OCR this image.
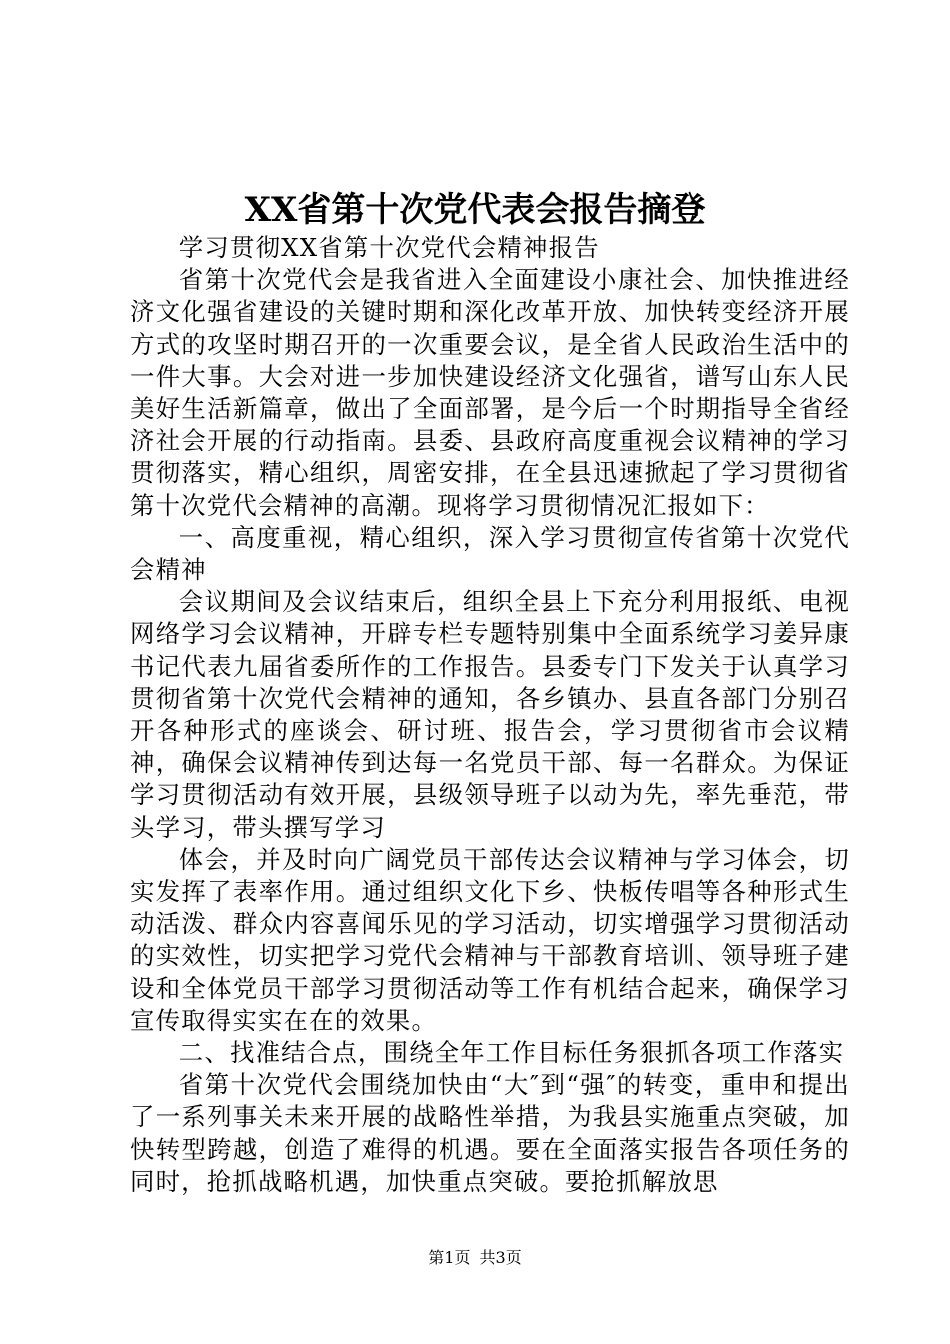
XX省第十次党代表会报告摘登

学习贯彻XX省第十次党代会精神报告

省第十次党代会是我省进入全面建设小康社会、加快推进经济文化强省建设的关键时期和深化改革开放、加快转变经济开展方式的攻坚时期召开的一次重要会议，是全省人民政治生活中的一件大事。大会对进一步加快建设经济文化强省，谱写山东人民美好生活新篇章，做出了全面部署，是今后一个时期指导全省经济社会开展的行动指南。县委、县政府高度重视会议精神的学习贯彻落实，精心组织，周密安排，在全县迅速掀起了学习贯彻省第十次党代会精神的高潮。现将学习贯彻情况汇报如下：

一、高度重视，精心组织，深入学习贯彻宣传省第十次党代会精神

会议期间及会议结束后，组织全县上下充分利用报纸、电视网络学习会议精神，开辟专栏专题特别集中全面系统学习姜异康书记代表九届省委所作的工作报告。县委专门下发关于认真学习贯彻省第十次党代会精神的通知，各乡镇办、县直各部门分别召开各种形式的座谈会、研讨班、报告会，学习贯彻省市会议精神，确保会议精神传到达每一名党员干部、每一名群众。为保证学习贯彻活动有效开展，县级领导班子以动为先，率先垂范，带头学习，带头撰写学习

体会，并及时向广阔党员干部传达会议精神与学习体会，切实发挥了表率作用。通过组织文化下乡、快板传唱等各种形式生动活泼、群众内容喜闻乐见的学习活动，切实增强学习贯彻活动的实效性，切实把学习党代会精神与干部教育培训、领导班子建设和全体党员干部学习贯彻活动等工作有机结合起来，确保学习宣传取得实实在在的效果。

二、找准结合点，围绕全年工作目标任务狠抓各项工作落实

省第十次党代会围绕加快由“大″到“强″的转变，重申和提出了一系列事关未来开展的战略性举措，为我县实施重点突破，加快转型跨越，创造了难得的机遇。要在全面落实报告各项任务的同时，抢抓战略机遇，加快重点突破。要抢抓解放思

第1页 共3页
